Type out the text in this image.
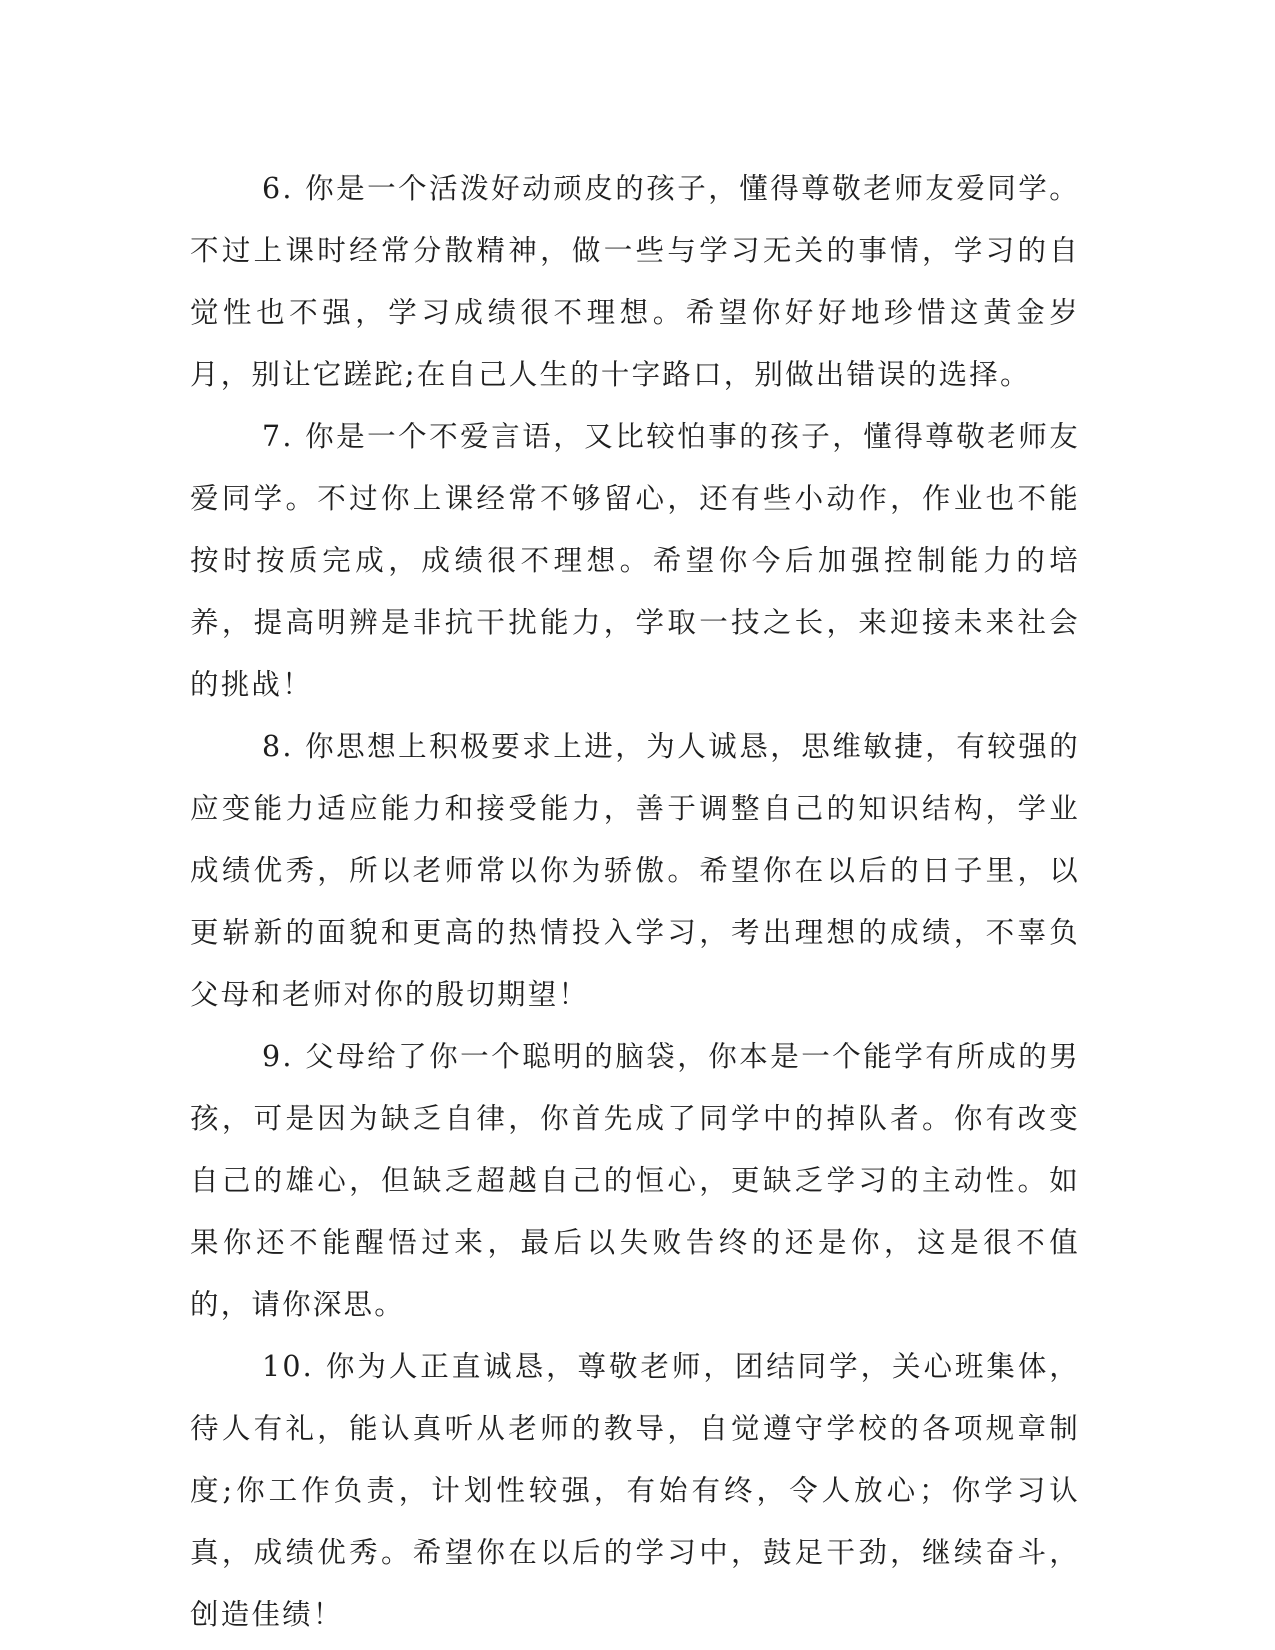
6. 你是一个活泼好动顽皮的孩子，懂得尊敬老师友爱同学。不过上课时经常分散精神，做一些与学习无关的事情，学习的自觉性也不强，学习成绩很不理想。希望你好好地珍惜这黄金岁月，别让它蹉跎;在自己人生的十字路口，别做出错误的选择。

7. 你是一个不爱言语，又比较怕事的孩子，懂得尊敬老师友爱同学。不过你上课经常不够留心，还有些小动作，作业也不能按时按质完成，成绩很不理想。希望你今后加强控制能力的培养，提高明辨是非抗干扰能力，学取一技之长，来迎接未来社会的挑战！

8. 你思想上积极要求上进，为人诚恳，思维敏捷，有较强的应变能力适应能力和接受能力，善于调整自己的知识结构，学业成绩优秀，所以老师常以你为骄傲。希望你在以后的日子里，以更崭新的面貌和更高的热情投入学习，考出理想的成绩，不辜负父母和老师对你的殷切期望！

9. 父母给了你一个聪明的脑袋，你本是一个能学有所成的男孩，可是因为缺乏自律，你首先成了同学中的掉队者。你有改变自己的雄心，但缺乏超越自己的恒心，更缺乏学习的主动性。如果你还不能醒悟过来，最后以失败告终的还是你，这是很不值的，请你深思。

10. 你为人正直诚恳，尊敬老师，团结同学，关心班集体，待人有礼，能认真听从老师的教导，自觉遵守学校的各项规章制度;你工作负责，计划性较强，有始有终，令人放心；你学习认真，成绩优秀。希望你在以后的学习中，鼓足干劲，继续奋斗，创造佳绩！
